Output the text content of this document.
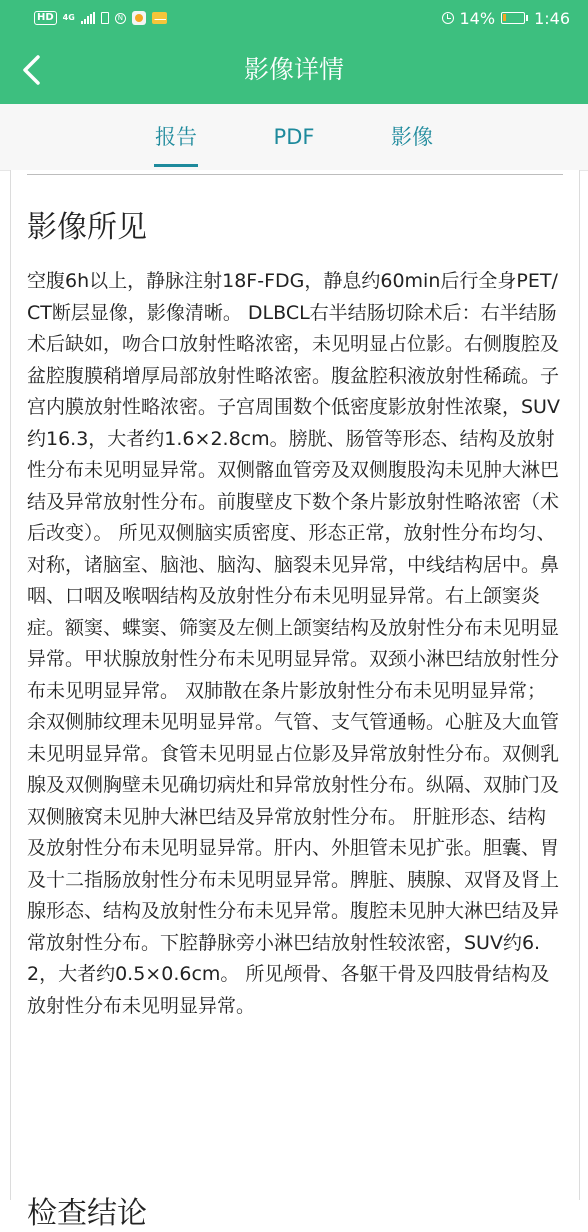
HD	4G	N	14% 1:46
影像详情
报告	PDF	影像
影像所见
空腹6h以上，静脉注射18F-FDG，静息约60min后行全身PET/CT断层显像，影像清晰。 DLBCL右半结肠切除术后：右半结肠术后缺如，吻合口放射性略浓密，未见明显占位影。右侧腹腔及盆腔腹膜稍增厚局部放射性略浓密。腹盆腔积液放射性稀疏。子宫内膜放射性略浓密。子宫周围数个低密度影放射性浓聚，SUV约16.3，大者约1.6×2.8cm。膀胱、肠管等形态、结构及放射性分布未见明显异常。双侧髂血管旁及双侧腹股沟未见肿大淋巴结及异常放射性分布。前腹壁皮下数个条片影放射性略浓密（术后改变）。 所见双侧脑实质密度、形态正常，放射性分布均匀、对称，诸脑室、脑池、脑沟、脑裂未见异常，中线结构居中。鼻咽、口咽及喉咽结构及放射性分布未见明显异常。右上颌窦炎症。额窦、蝶窦、筛窦及左侧上颌窦结构及放射性分布未见明显异常。甲状腺放射性分布未见明显异常。双颈小淋巴结放射性分布未见明显异常。 双肺散在条片影放射性分布未见明显异常；余双侧肺纹理未见明显异常。气管、支气管通畅。心脏及大血管未见明显异常。食管未见明显占位影及异常放射性分布。双侧乳腺及双侧胸壁未见确切病灶和异常放射性分布。纵隔、双肺门及双侧腋窝未见肿大淋巴结及异常放射性分布。 肝脏形态、结构及放射性分布未见明显异常。肝内、外胆管未见扩张。胆囊、胃及十二指肠放射性分布未见明显异常。脾脏、胰腺、双肾及肾上腺形态、结构及放射性分布未见异常。腹腔未见肿大淋巴结及异常放射性分布。下腔静脉旁小淋巴结放射性较浓密，SUV约6.2，大者约0.5×0.6cm。 所见颅骨、各躯干骨及四肢骨结构及放射性分布未见明显异常。
检查结论
